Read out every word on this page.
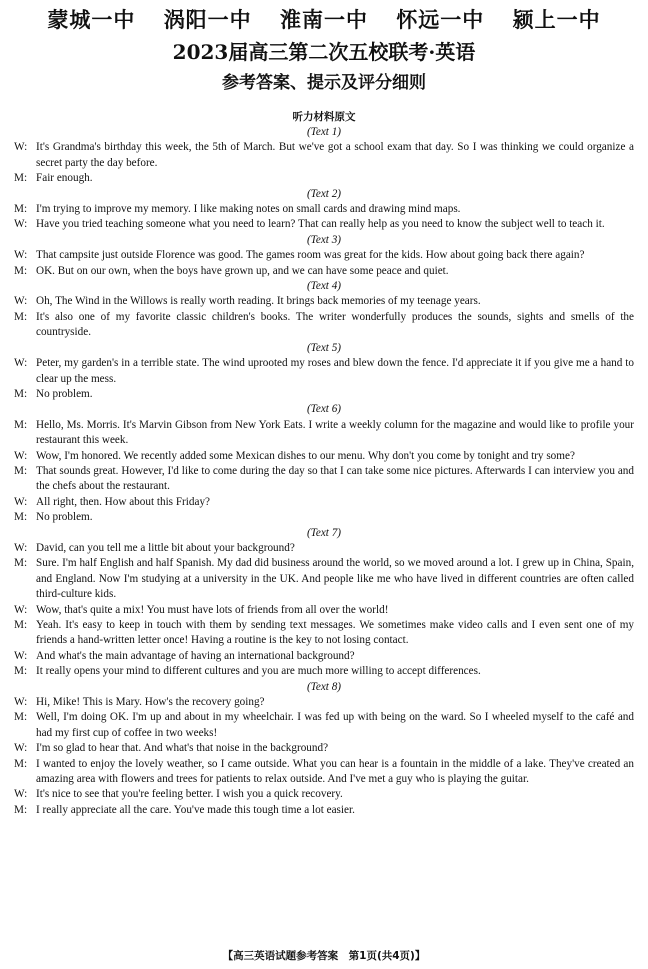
蒙城一中 涡阳一中 淮南一中 怀远一中 颍上一中
2023届高三第二次五校联考·英语
参考答案、提示及评分细则
听力材料原文
(Text 1)
W: It's Grandma's birthday this week, the 5th of March. But we've got a school exam that day. So I was thinking we could organize a secret party the day before.
M: Fair enough.
(Text 2)
M: I'm trying to improve my memory. I like making notes on small cards and drawing mind maps.
W: Have you tried teaching someone what you need to learn? That can really help as you need to know the subject well to teach it.
(Text 3)
W: That campsite just outside Florence was good. The games room was great for the kids. How about going back there again?
M: OK. But on our own, when the boys have grown up, and we can have some peace and quiet.
(Text 4)
W: Oh, The Wind in the Willows is really worth reading. It brings back memories of my teenage years.
M: It's also one of my favorite classic children's books. The writer wonderfully produces the sounds, sights and smells of the countryside.
(Text 5)
W: Peter, my garden's in a terrible state. The wind uprooted my roses and blew down the fence. I'd appreciate it if you give me a hand to clear up the mess.
M: No problem.
(Text 6)
M: Hello, Ms. Morris. It's Marvin Gibson from New York Eats. I write a weekly column for the magazine and would like to profile your restaurant this week.
W: Wow, I'm honored. We recently added some Mexican dishes to our menu. Why don't you come by tonight and try some?
M: That sounds great. However, I'd like to come during the day so that I can take some nice pictures. Afterwards I can interview you and the chefs about the restaurant.
W: All right, then. How about this Friday?
M: No problem.
(Text 7)
W: David, can you tell me a little bit about your background?
M: Sure. I'm half English and half Spanish. My dad did business around the world, so we moved around a lot. I grew up in China, Spain, and England. Now I'm studying at a university in the UK. And people like me who have lived in different countries are often called third-culture kids.
W: Wow, that's quite a mix! You must have lots of friends from all over the world!
M: Yeah. It's easy to keep in touch with them by sending text messages. We sometimes make video calls and I even sent one of my friends a hand-written letter once! Having a routine is the key to not losing contact.
W: And what's the main advantage of having an international background?
M: It really opens your mind to different cultures and you are much more willing to accept differences.
(Text 8)
W: Hi, Mike! This is Mary. How's the recovery going?
M: Well, I'm doing OK. I'm up and about in my wheelchair. I was fed up with being on the ward. So I wheeled myself to the café and had my first cup of coffee in two weeks!
W: I'm so glad to hear that. And what's that noise in the background?
M: I wanted to enjoy the lovely weather, so I came outside. What you can hear is a fountain in the middle of a lake. They've created an amazing area with flowers and trees for patients to relax outside. And I've met a guy who is playing the guitar.
W: It's nice to see that you're feeling better. I wish you a quick recovery.
M: I really appreciate all the care. You've made this tough time a lot easier.
【高三英语试题参考答案　第1页(共4页)】
